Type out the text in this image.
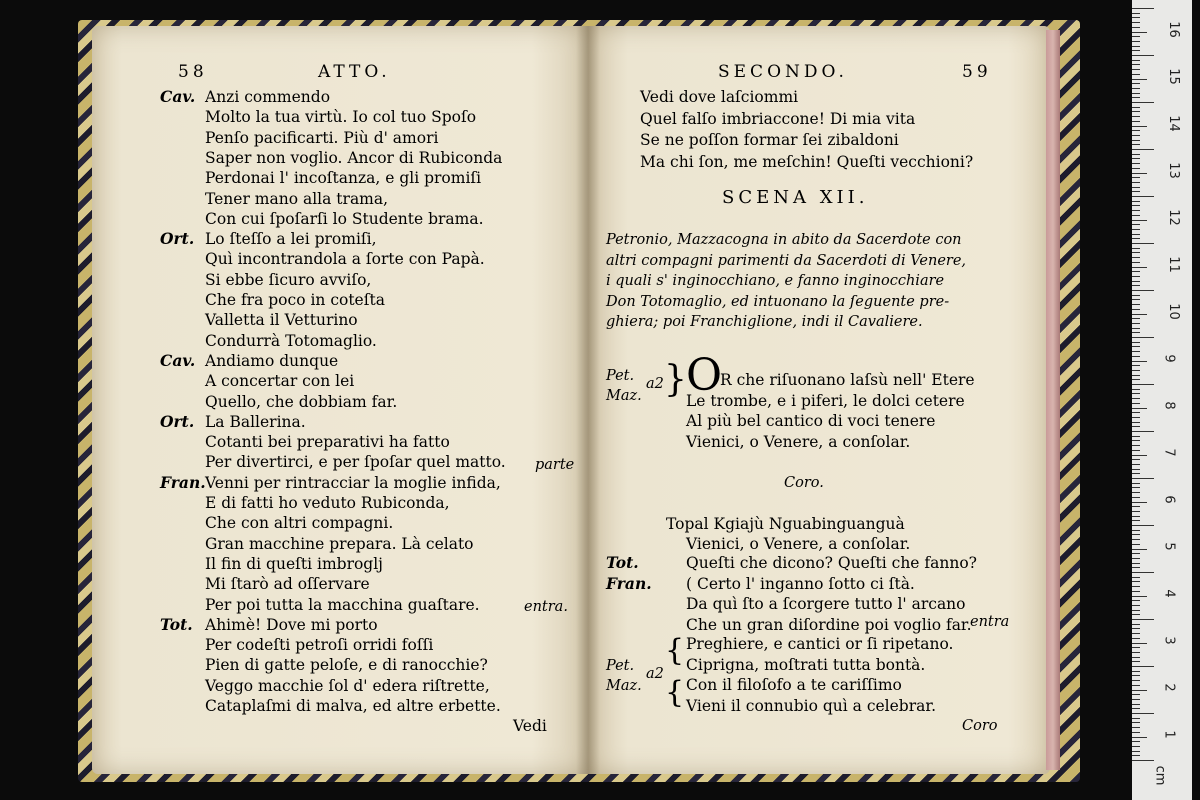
58	ATTO.
Cav. Anzi commendo
Molto la tua virtù. Io col tuo Spoſo
Penſo pacificarti. Più d' amori
Saper non voglio. Ancor di Rubiconda
Perdonai l' incoſtanza, e gli promiſi
Tener mano alla trama,
Con cui ſpoſarſi lo Studente brama.
Ort. Lo ſteſſo a lei promiſi,
Quì incontrandola a ſorte con Papà.
Si ebbe ſicuro avviſo,
Che fra poco in coteſta
Valletta il Vetturino
Condurrà Totomaglio.
Cav. Andiamo dunque
A concertar con lei
Quello, che dobbiam far.
Ort. La Ballerina.
Cotanti bei preparativi ha fatto
Per divertirci, e per ſpoſar quel matto.
Fran. Venni per rintracciar la moglie infida,
E di fatti ho veduto Rubiconda,
Che con altri compagni.
Gran macchine prepara. Là celato
Il fin di queſti imbroglj
Mi ſtarò ad oſſervare
Per poi tutta la macchina guaſtare.
Tot. Ahimè! Dove mi porto
Per codeſti petroſi orridi foſſi
Pien di gatte peloſe, e di ranocchie?
Veggo macchie ſol d' edera riſtrette,
Cataplaſmi di malva, ed altre erbette.
parte
entra.
Vedi
SECONDO.	59
Vedi dove laſciommi
Quel falſo imbriaccone! Di mia vita
Se ne poſſon formar ſei zibaldoni
Ma chi ſon, me meſchin! Queſti vecchioni?
SCENA XII.
Petronio, Mazzacogna in abito da Sacerdote con
altri compagni parimenti da Sacerdoti di Venere,
i quali s' inginocchiano, e fanno inginocchiare
Don Totomaglio, ed intuonano la ſeguente pre-
ghiera; poi Franchiglione, indi il Cavaliere.
Pet.
Maz.
a2 } O
R che riſuonano laſsù nell' Etere
Le trombe, e i piferi, le dolci cetere
Al più bel cantico di voci tenere
Vienici, o Venere, a conſolar.
Coro.
Topal Kgiajù Nguabinguanguà
Vienici, o Venere, a conſolar.
Tot.	Queſti che dicono? Queſti che fanno?
Fran. ( Certo l' inganno ſotto ci ſtà.
Da quì ſto a ſcorgere tutto l' arcano
Che un gran diſordine poi voglio far.
entra
Pet.
Maz.
a2
{
{
Preghiere, e cantici or ſi ripetano.
Ciprigna, moſtrati tutta bontà.
Con il filoſofo a te cariſſimo
Vieni il connubio quì a celebrar.
Coro
16
15
14
13
12
11
10
9
8
7
6
5
4
3
2
1
cm
